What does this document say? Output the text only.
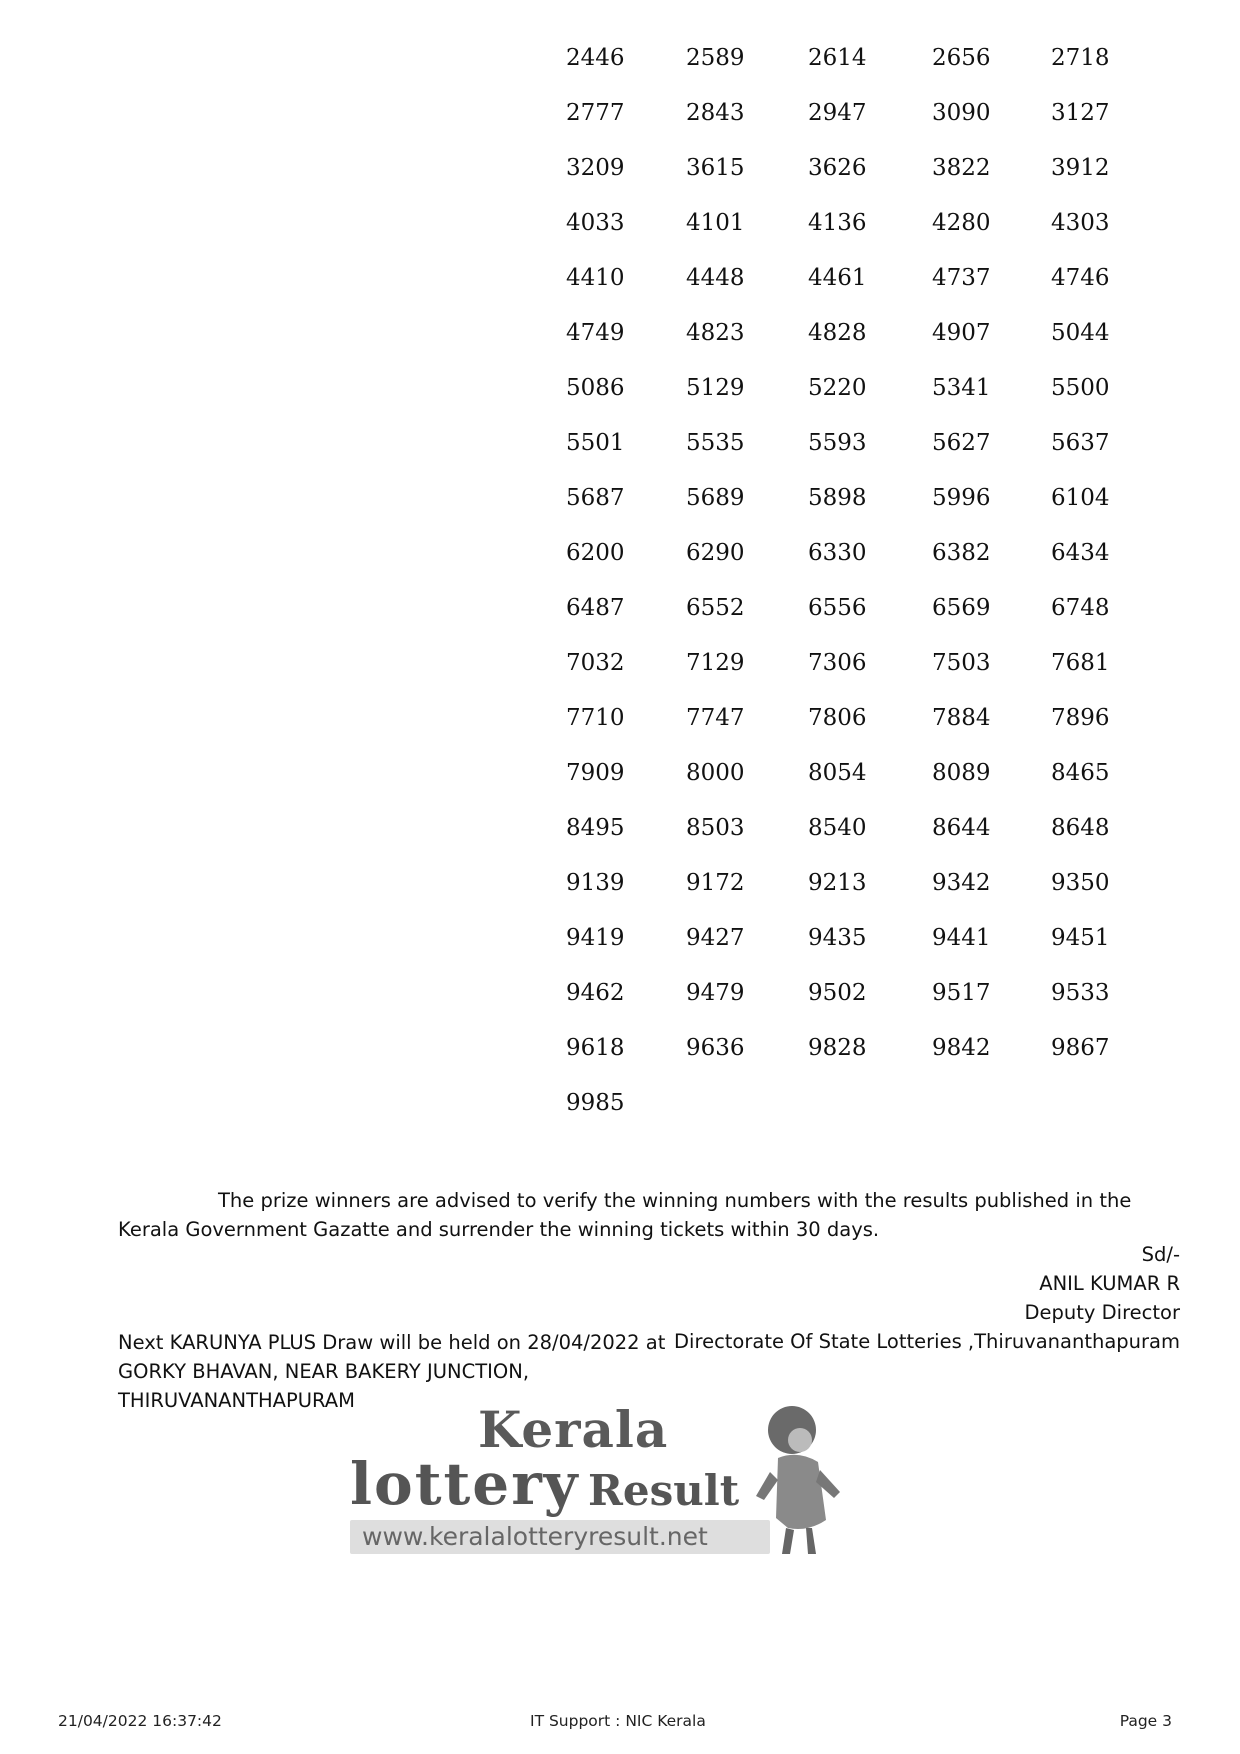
2446	2589	2614	2656	2718
2777	2843	2947	3090	3127
3209	3615	3626	3822	3912
4033	4101	4136	4280	4303
4410	4448	4461	4737	4746
4749	4823	4828	4907	5044
5086	5129	5220	5341	5500
5501	5535	5593	5627	5637
5687	5689	5898	5996	6104
6200	6290	6330	6382	6434
6487	6552	6556	6569	6748
7032	7129	7306	7503	7681
7710	7747	7806	7884	7896
7909	8000	8054	8089	8465
8495	8503	8540	8644	8648
9139	9172	9213	9342	9350
9419	9427	9435	9441	9451
9462	9479	9502	9517	9533
9618	9636	9828	9842	9867
9985
The prize winners are advised to verify the winning numbers with the results published in the Kerala Government Gazatte and surrender the winning tickets within 30 days.
Sd/-
ANIL KUMAR R
Deputy Director
Directorate Of State Lotteries ,Thiruvananthapuram
Next KARUNYA PLUS Draw will be held on 28/04/2022 at
GORKY BHAVAN, NEAR BAKERY JUNCTION,
THIRUVANANTHAPURAM	Kerala
lottery Result
www.keralalotteryresult.net
21/04/2022 16:37:42	IT Support : NIC Kerala	Page 3
